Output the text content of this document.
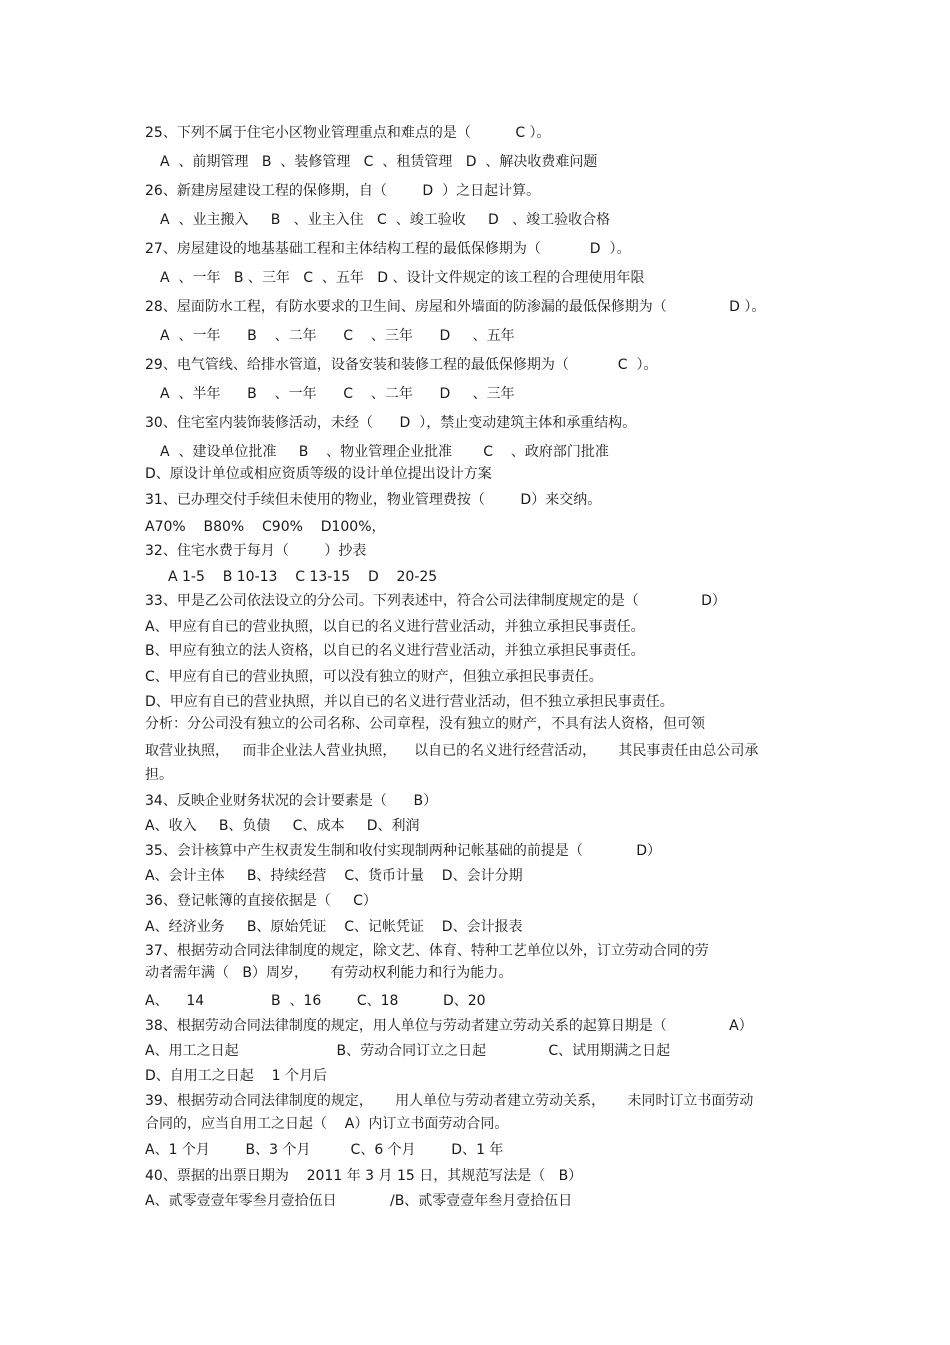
25、下列不属于住宅小区物业管理重点和难点的是（          C ）。
A  、前期管理   B  、装修管理   C  、租赁管理   D  、解决收费难问题
26、新建房屋建设工程的保修期，自（        D  ）之日起计算。
A  、业主搬入     B   、业主入住   C  、竣工验收     D   、竣工验收合格
27、房屋建设的地基基础工程和主体结构工程的最低保修期为（           D  ）。
A  、一年   B 、三年   C  、五年   D 、设计文件规定的该工程的合理使用年限
28、屋面防水工程，有防水要求的卫生间、房屋和外墙面的防渗漏的最低保修期为（              D ）。
A  、一年      B    、二年      C    、三年      D     、五年
29、电气管线、给排水管道，设备安装和装修工程的最低保修期为（           C  ）。
A  、半年      B    、一年      C    、二年      D     、三年
30、住宅室内装饰装修活动，未经（      D  ），禁止变动建筑主体和承重结构。
A  、建设单位批准     B    、物业管理企业批准       C    、政府部门批准
D、原设计单位或相应资质等级的设计单位提出设计方案
31、已办理交付手续但未使用的物业，物业管理费按（        D）来交纳。
A70%    B80%    C90%    D100%，
32、住宅水费于每月（        ）抄表
A 1-5    B 10-13    C 13-15    D    20-25
33、甲是乙公司依法设立的分公司。下列表述中，符合公司法律制度规定的是（              D）
A、甲应有自已的营业执照，以自已的名义进行营业活动，并独立承担民事责任。
B、甲应有独立的法人资格，以自已的名义进行营业活动，并独立承担民事责任。
C、甲应有自已的营业执照，可以没有独立的财产，但独立承担民事责任。
D、甲应有自已的营业执照，并以自已的名义进行营业活动，但不独立承担民事责任。
分析：分公司没有独立的公司名称、公司章程，没有独立的财产，不具有法人资格，但可领
取营业执照，   而非企业法人营业执照，    以自已的名义进行经营活动，     其民事责任由总公司承
担。
34、反映企业财务状况的会计要素是（      B）
A、收入     B、负债     C、成本     D、利润
35、会计核算中产生权责发生制和收付实现制两种记帐基础的前提是（            D）
A、会计主体     B、持续经营    C、货币计量    D、会计分期
36、登记帐簿的直接依据是（     C）
A、经济业务     B、原始凭证    C、记帐凭证    D、会计报表
37、根据劳动合同法律制度的规定，除文艺、体育、特种工艺单位以外，订立劳动合同的劳
动者需年满（   B）周岁，     有劳动权利能力和行为能力。
A、    14               B  、16        C、18          D、20
38、根据劳动合同法律制度的规定，用人单位与劳动者建立劳动关系的起算日期是（              A）
A、用工之日起                      B、劳动合同订立之日起              C、试用期满之日起
D、自用工之日起    1 个月后
39、根据劳动合同法律制度的规定，     用人单位与劳动者建立劳动关系，     未同时订立书面劳动
合同的，应当自用工之日起（    A）内订立书面劳动合同。
A、1 个月        B、3 个月         C、6 个月        D、1 年
40、票据的出票日期为    2011 年 3 月 15 日，其规范写法是（   B）
A、贰零壹壹年零叁月壹拾伍日            /B、贰零壹壹年叁月壹拾伍日
